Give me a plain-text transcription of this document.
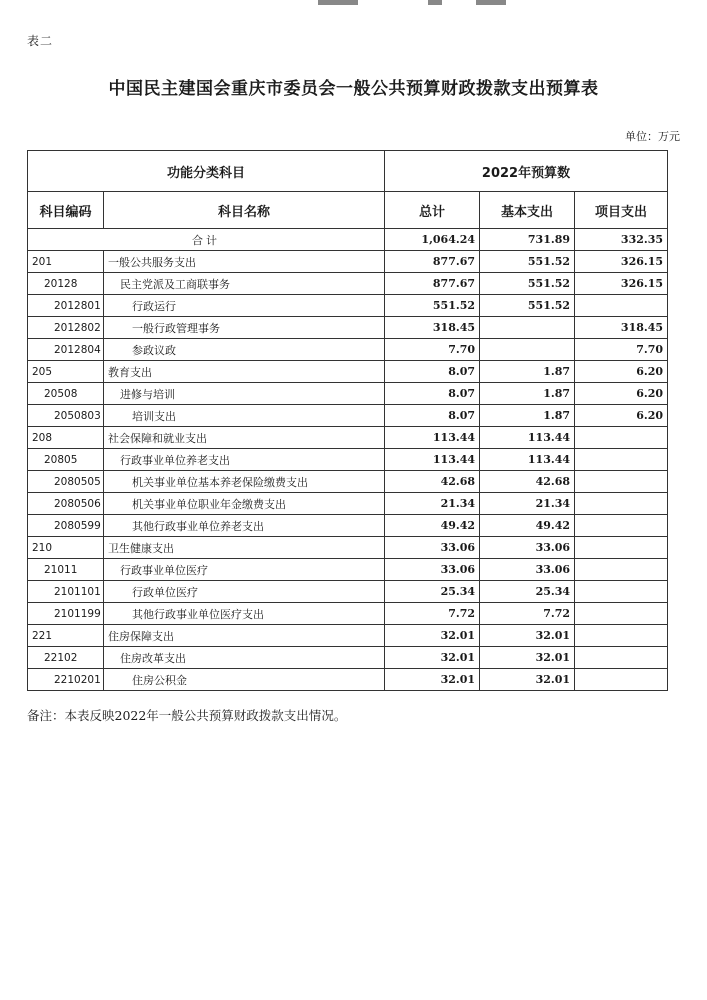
表二
中国民主建国会重庆市委员会一般公共预算财政拨款支出预算表
单位：万元
功能分类科目		2022年预算数		
科目编码	科目名称	总计	基本支出	项目支出
合计		1,064.24	731.89	332.35
201	一般公共服务支出	877.67	551.52	326.15
20128	民主党派及工商联事务	877.67	551.52	326.15
2012801	行政运行	551.52	551.52	
2012802	一般行政管理事务	318.45		318.45
2012804	参政议政	7.70		7.70
205	教育支出	8.07	1.87	6.20
20508	进修与培训	8.07	1.87	6.20
2050803	培训支出	8.07	1.87	6.20
208	社会保障和就业支出	113.44	113.44	
20805	行政事业单位养老支出	113.44	113.44	
2080505	机关事业单位基本养老保险缴费支出	42.68	42.68	
2080506	机关事业单位职业年金缴费支出	21.34	21.34	
2080599	其他行政事业单位养老支出	49.42	49.42	
210	卫生健康支出	33.06	33.06	
21011	行政事业单位医疗	33.06	33.06	
2101101	行政单位医疗	25.34	25.34	
2101199	其他行政事业单位医疗支出	7.72	7.72	
221	住房保障支出	32.01	32.01	
22102	住房改革支出	32.01	32.01	
2210201	住房公积金	32.01	32.01	
备注：本表反映2022年一般公共预算财政拨款支出情况。
